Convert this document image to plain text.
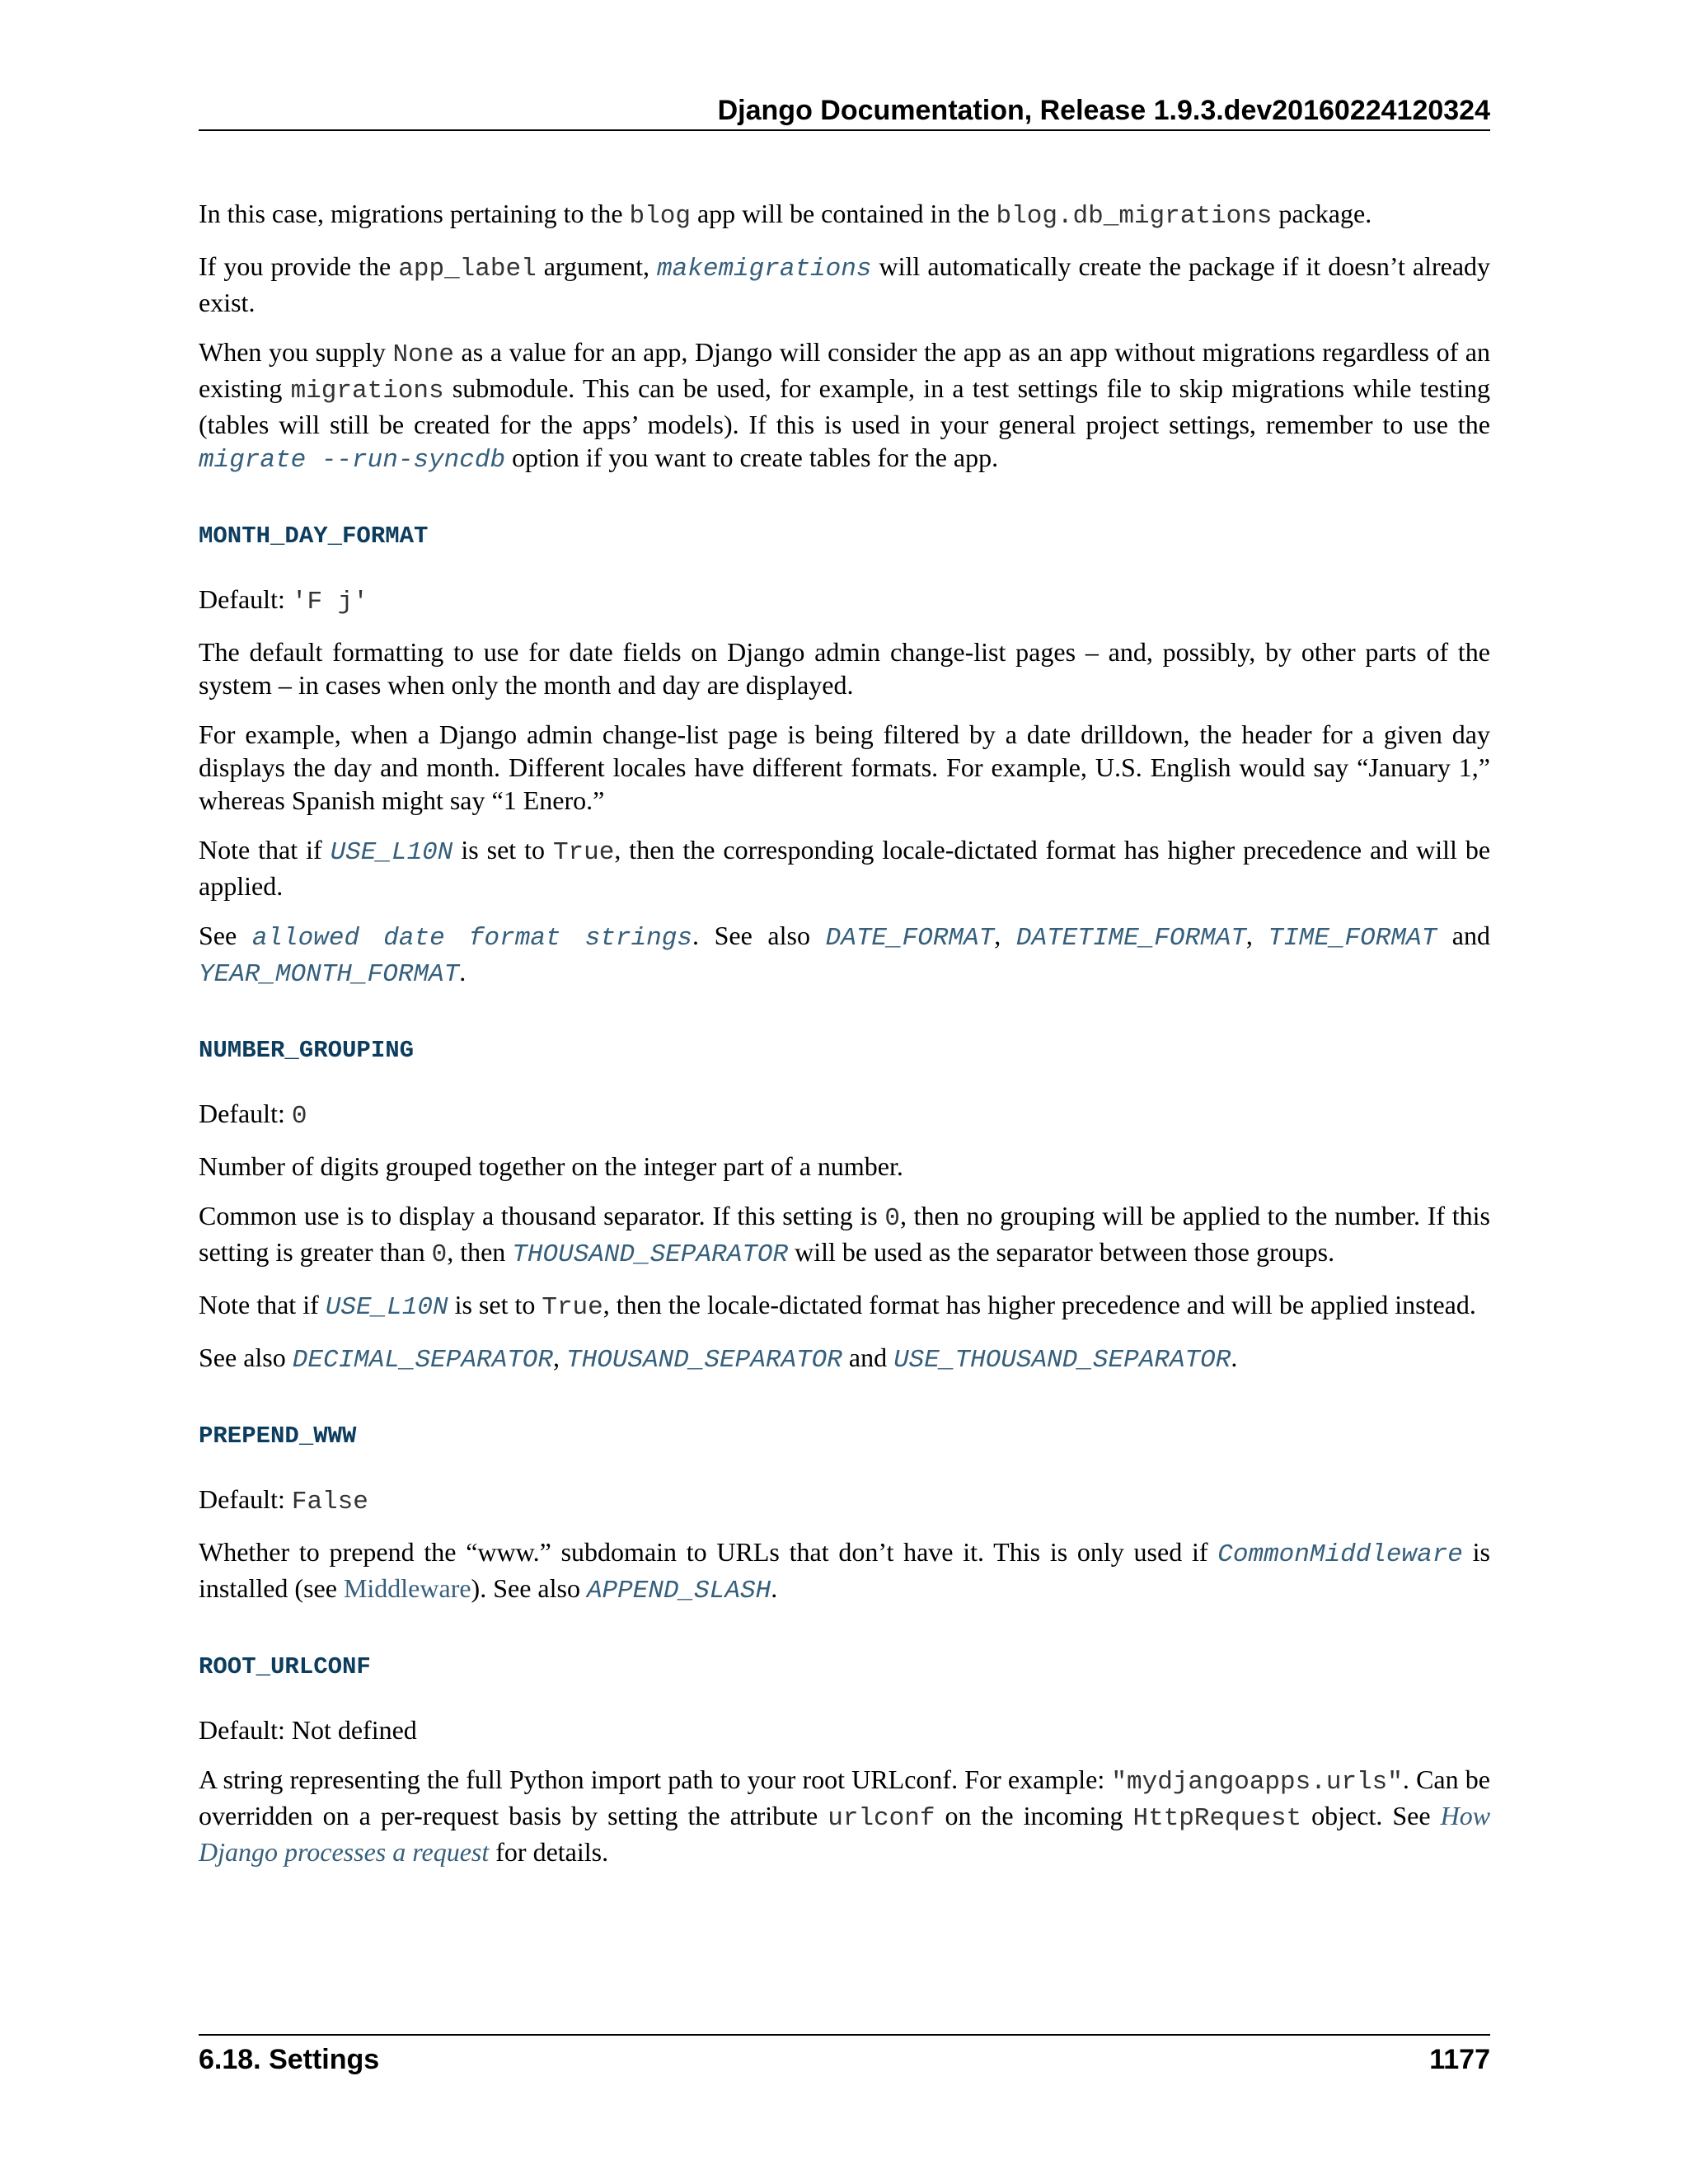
Django Documentation, Release 1.9.3.dev20160224120324

In this case, migrations pertaining to the blog app will be contained in the blog.db_migrations package.

If you provide the app_label argument, makemigrations will automatically create the package if it doesn’t already exist.

When you supply None as a value for an app, Django will consider the app as an app without migrations regardless of an existing migrations submodule. This can be used, for example, in a test settings file to skip migrations while testing (tables will still be created for the apps’ models). If this is used in your general project settings, remember to use the migrate --run-syncdb option if you want to create tables for the app.

MONTH_DAY_FORMAT

Default: 'F j'

The default formatting to use for date fields on Django admin change-list pages – and, possibly, by other parts of the system – in cases when only the month and day are displayed.

For example, when a Django admin change-list page is being filtered by a date drilldown, the header for a given day displays the day and month. Different locales have different formats. For example, U.S. English would say “January 1,” whereas Spanish might say “1 Enero.”

Note that if USE_L10N is set to True, then the corresponding locale-dictated format has higher precedence and will be applied.

See allowed date format strings. See also DATE_FORMAT, DATETIME_FORMAT, TIME_FORMAT and YEAR_MONTH_FORMAT.

NUMBER_GROUPING

Default: 0

Number of digits grouped together on the integer part of a number.

Common use is to display a thousand separator. If this setting is 0, then no grouping will be applied to the number. If this setting is greater than 0, then THOUSAND_SEPARATOR will be used as the separator between those groups.

Note that if USE_L10N is set to True, then the locale-dictated format has higher precedence and will be applied instead.

See also DECIMAL_SEPARATOR, THOUSAND_SEPARATOR and USE_THOUSAND_SEPARATOR.

PREPEND_WWW

Default: False

Whether to prepend the “www.” subdomain to URLs that don’t have it. This is only used if CommonMiddleware is installed (see Middleware). See also APPEND_SLASH.

ROOT_URLCONF

Default: Not defined

A string representing the full Python import path to your root URLconf. For example: "mydjangoapps.urls". Can be overridden on a per-request basis by setting the attribute urlconf on the incoming HttpRequest object. See How Django processes a request for details.

6.18. Settings	1177
